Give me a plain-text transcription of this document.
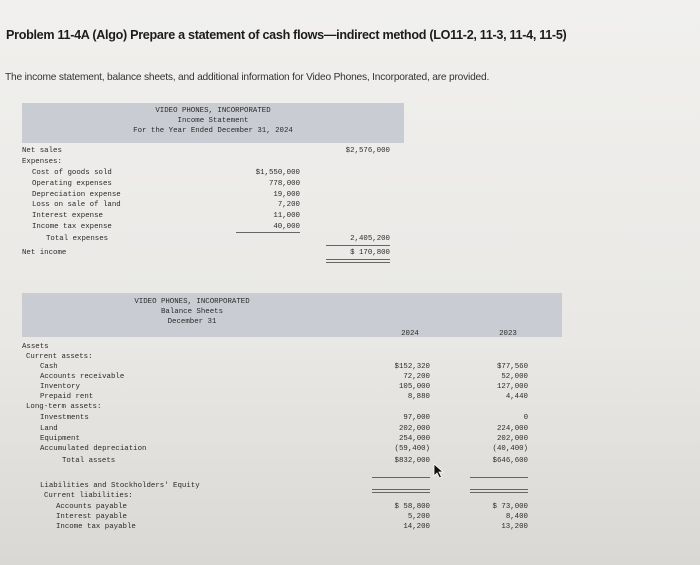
Problem 11-4A (Algo) Prepare a statement of cash flows—indirect method (LO11-2, 11-3, 11-4, 11-5)
The income statement, balance sheets, and additional information for Video Phones, Incorporated, are provided.
VIDEO PHONES, INCORPORATED
Income Statement
For the Year Ended December 31, 2024
Net sales	$2,576,000
Expenses:
Cost of goods sold	$1,550,000
Operating expenses	778,000
Depreciation expense	19,000
Loss on sale of land	7,200
Interest expense	11,000
Income tax expense	40,000
Total expenses	2,405,200
Net income	$ 170,800
VIDEO PHONES, INCORPORATED
Balance Sheets
December 31
2024	2023
Assets
Current assets:
Cash	$152,320	$77,560
Accounts receivable	72,200	52,000
Inventory	105,000	127,000
Prepaid rent	8,880	4,440
Long-term assets:
Investments	97,000	0
Land	202,000	224,000
Equipment	254,000	202,000
Accumulated depreciation	(59,400)	(40,400)
Total assets	$832,000	$646,600
Liabilities and Stockholders' Equity
Current liabilities:
Accounts payable	$ 58,800	$ 73,000
Interest payable	5,200	8,400
Income tax payable	14,200	13,200
